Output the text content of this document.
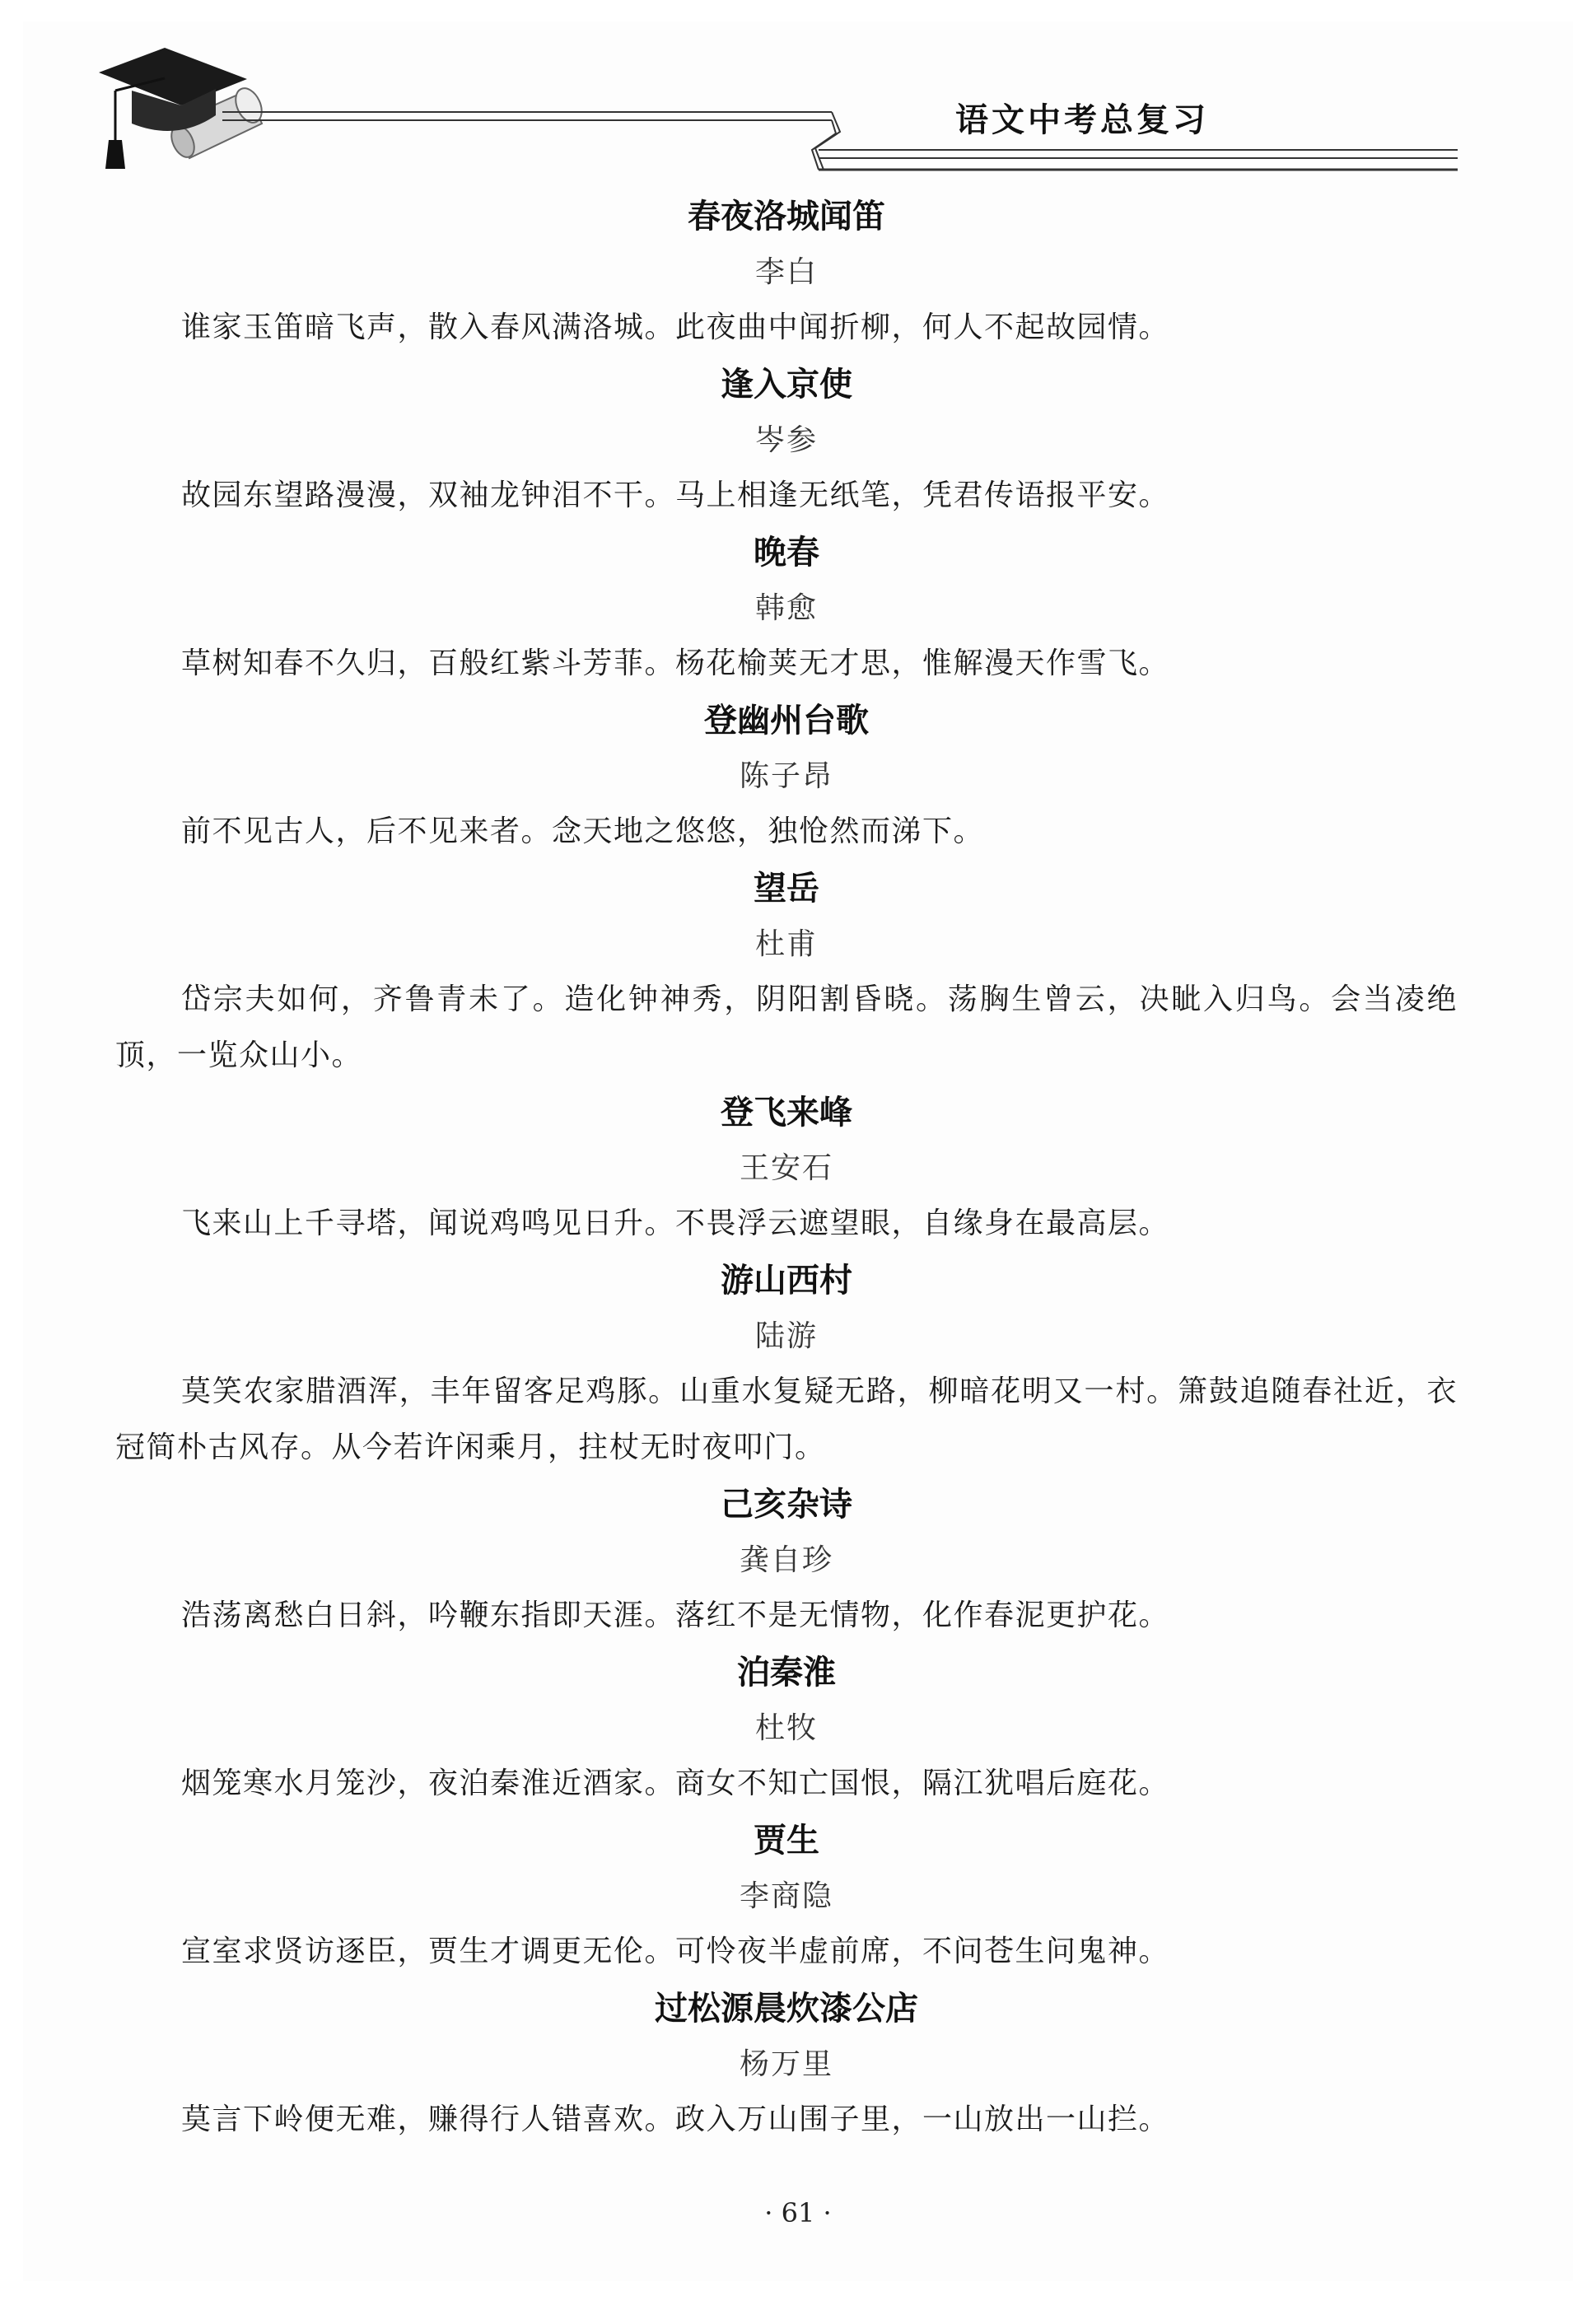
语文中考总复习
春夜洛城闻笛
李白
谁家玉笛暗飞声，散入春风满洛城。此夜曲中闻折柳，何人不起故园情。
逢入京使
岑参
故园东望路漫漫，双袖龙钟泪不干。马上相逢无纸笔，凭君传语报平安。
晚春
韩愈
草树知春不久归，百般红紫斗芳菲。杨花榆荚无才思，惟解漫天作雪飞。
登幽州台歌
陈子昂
前不见古人，后不见来者。念天地之悠悠，独怆然而涕下。
望岳
杜甫
岱宗夫如何，齐鲁青未了。造化钟神秀，阴阳割昏晓。荡胸生曾云，决眦入归鸟。会当凌绝顶，一览众山小。
登飞来峰
王安石
飞来山上千寻塔，闻说鸡鸣见日升。不畏浮云遮望眼，自缘身在最高层。
游山西村
陆游
莫笑农家腊酒浑，丰年留客足鸡豚。山重水复疑无路，柳暗花明又一村。箫鼓追随春社近，衣冠简朴古风存。从今若许闲乘月，拄杖无时夜叩门。
己亥杂诗
龚自珍
浩荡离愁白日斜，吟鞭东指即天涯。落红不是无情物，化作春泥更护花。
泊秦淮
杜牧
烟笼寒水月笼沙，夜泊秦淮近酒家。商女不知亡国恨，隔江犹唱后庭花。
贾生
李商隐
宣室求贤访逐臣，贾生才调更无伦。可怜夜半虚前席，不问苍生问鬼神。
过松源晨炊漆公店
杨万里
莫言下岭便无难，赚得行人错喜欢。政入万山围子里，一山放出一山拦。
· 61 ·
